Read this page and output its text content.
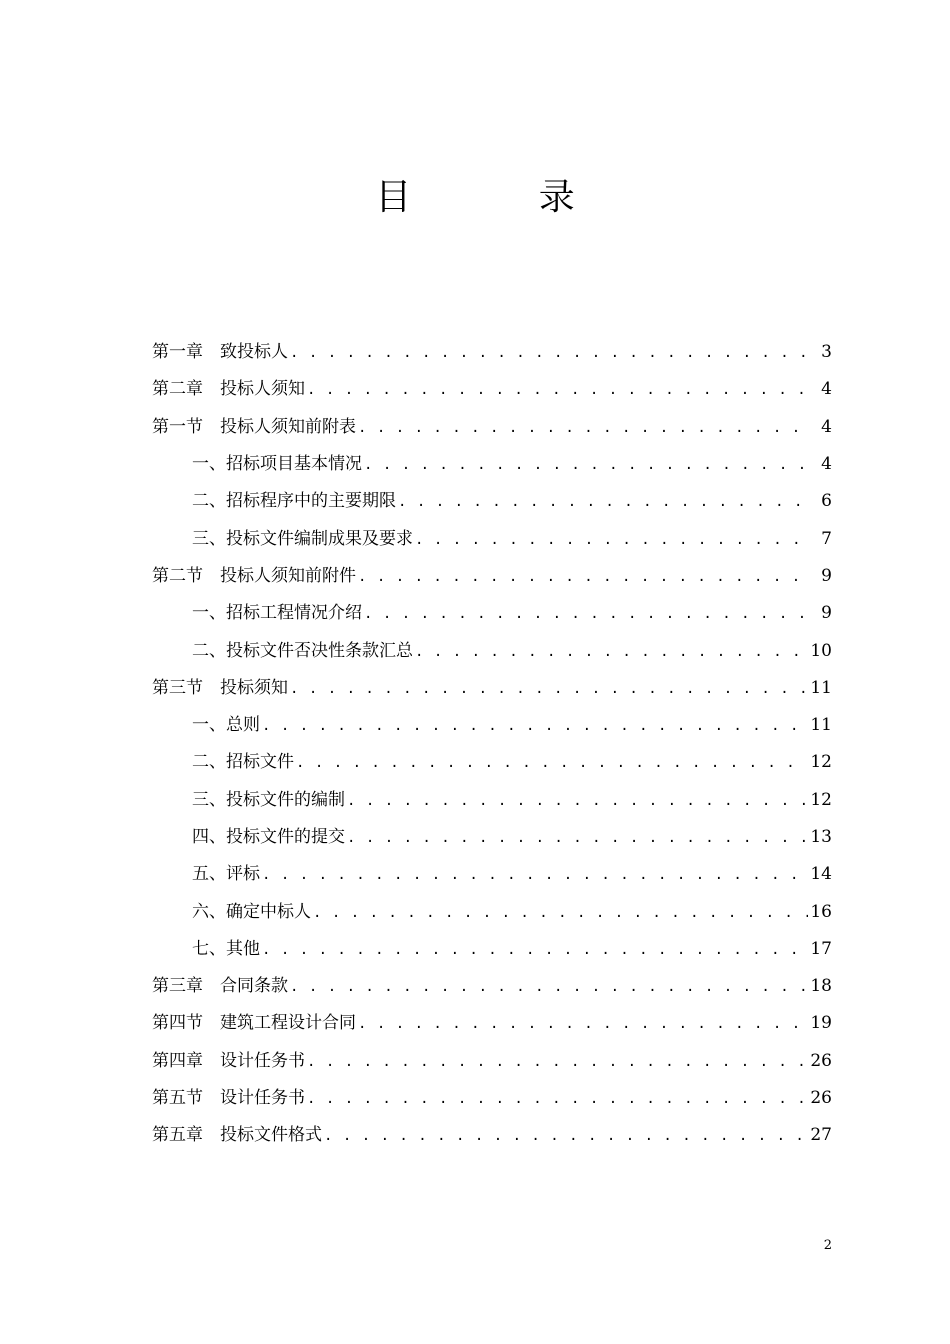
目 录
第一章　致投标人 . . .	3
第二章　投标人须知 . . .	4
第一节　投标人须知前附表 . . .	4
一、招标项目基本情况 . . .	4
二、招标程序中的主要期限 . . .	6
三、投标文件编制成果及要求 . . .	7
第二节　投标人须知前附件 . . .	9
一、招标工程情况介绍 . . .	9
二、投标文件否决性条款汇总 . . .	10
第三节　投标须知 . . .	11
一、总则 . . .	11
二、招标文件 . . .	12
三、投标文件的编制 . . .	12
四、投标文件的提交 . . .	13
五、评标 . . .	14
六、确定中标人 . . .	16
七、其他 . . .	17
第三章　合同条款 . . .	18
第四节　建筑工程设计合同 . . .	19
第四章　设计任务书 . . .	26
第五节　设计任务书 . . .	26
第五章　投标文件格式 . . .	27
2
